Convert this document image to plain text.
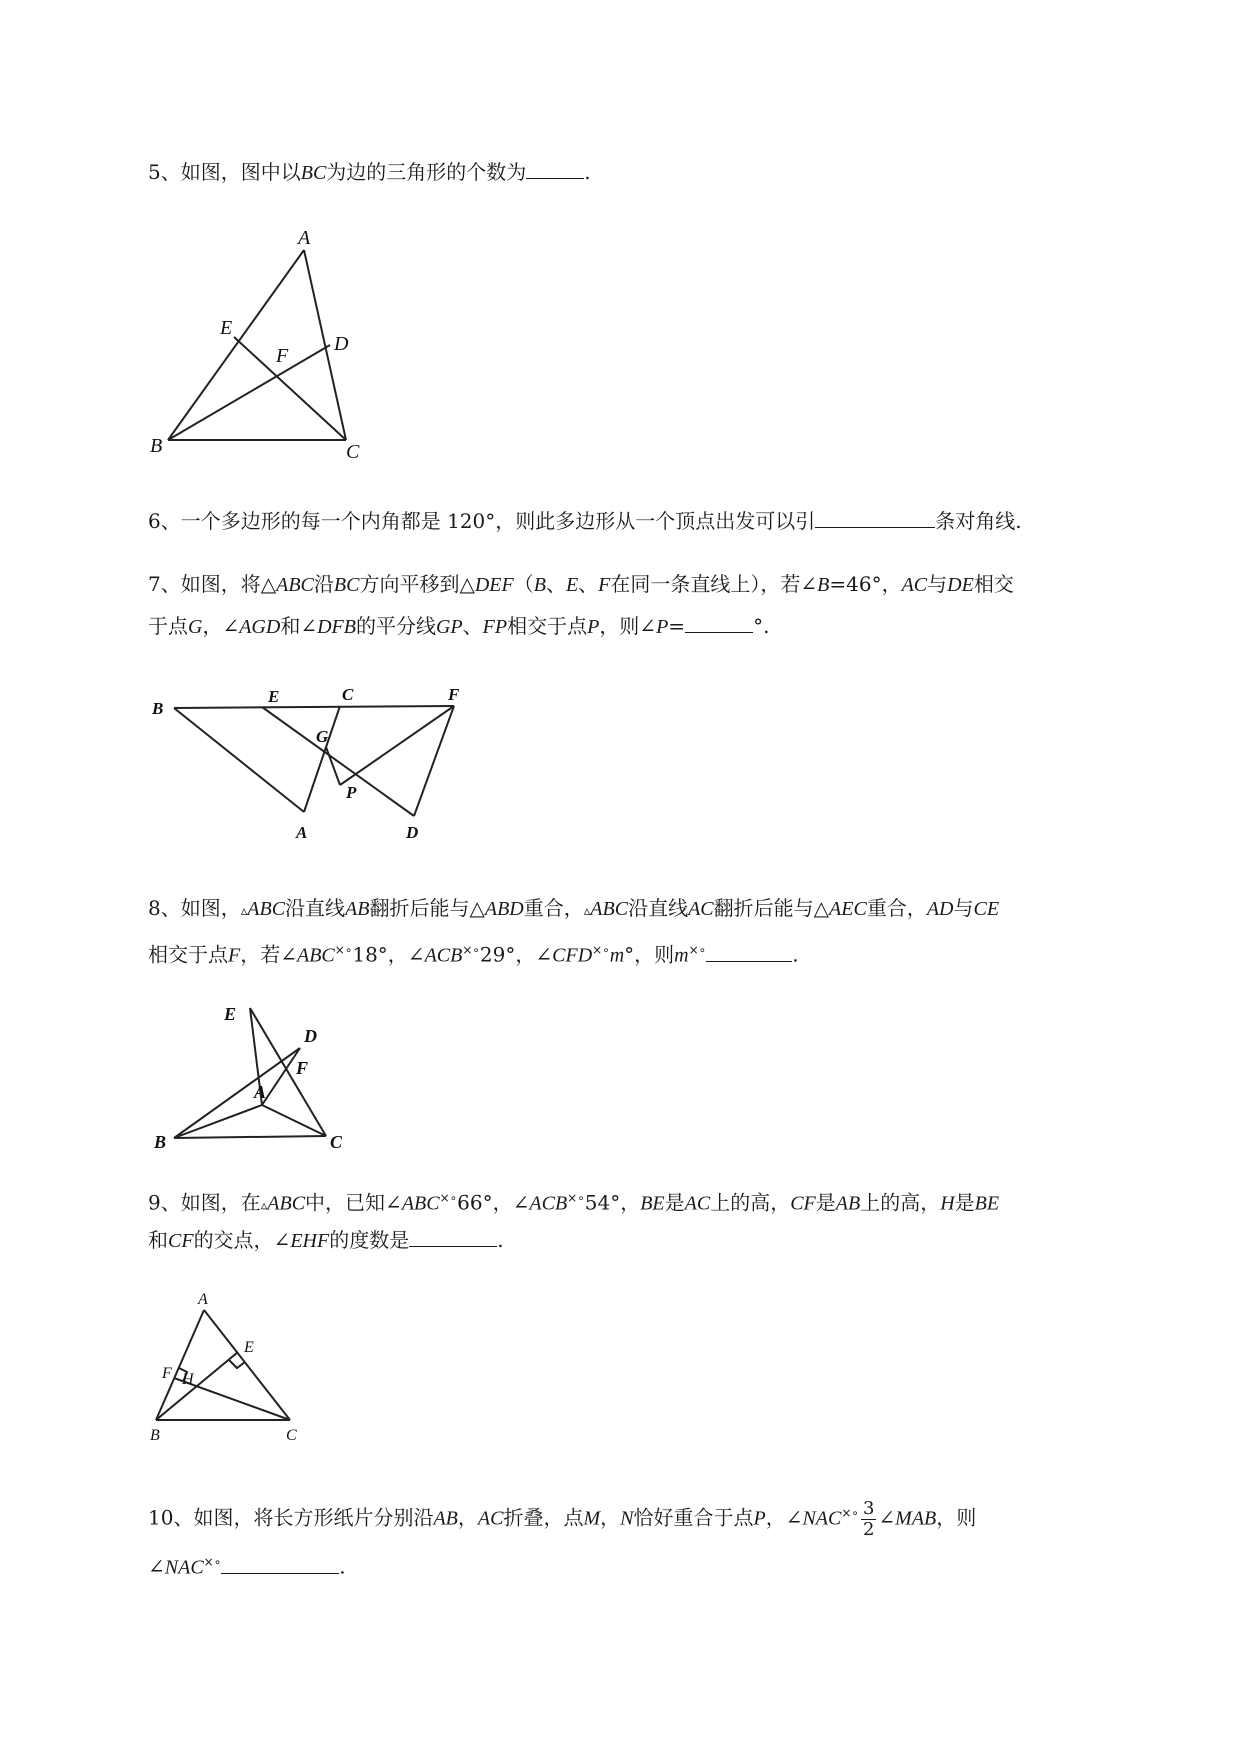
5、如图，图中以BC为边的三角形的个数为	.

A
B	C
D
E
F

6、一个多边形的每一个内角都是 120°，则此多边形从一个顶点出发可以引	条对角线.

7、如图，将△ABC沿BC方向平移到△DEF（B、E、F在同一条直线上），若∠B=46°，AC与DE相交

于点G，∠AGD和∠DFB的平分线GP、FP相交于点P，则∠P=	°.

B
E	C	F
G
P
A	D

8、如图，▵ABC沿直线AB翻折后能与△ABD重合，▵ABC沿直线AC翻折后能与△AEC重合，AD与CE

相交于点F，若∠ABC×∘18°，∠ACB×∘29°，∠CFD×∘m°，则m×∘	.

E
D
F
A
B	C

9、如图，在▵ABC中，已知∠ABC×∘66°，∠ACB×∘54°，BE是AC上的高，CF是AB上的高，H是BE

和CF的交点，∠EHF的度数是	.

A
E
F H
B	C

10、如图，将长方形纸片分别沿AB，AC折叠，点M，N恰好重合于点P，∠NAC×∘ $\frac{3}{2}$ ∠MAB，则

∠NAC×∘	.
